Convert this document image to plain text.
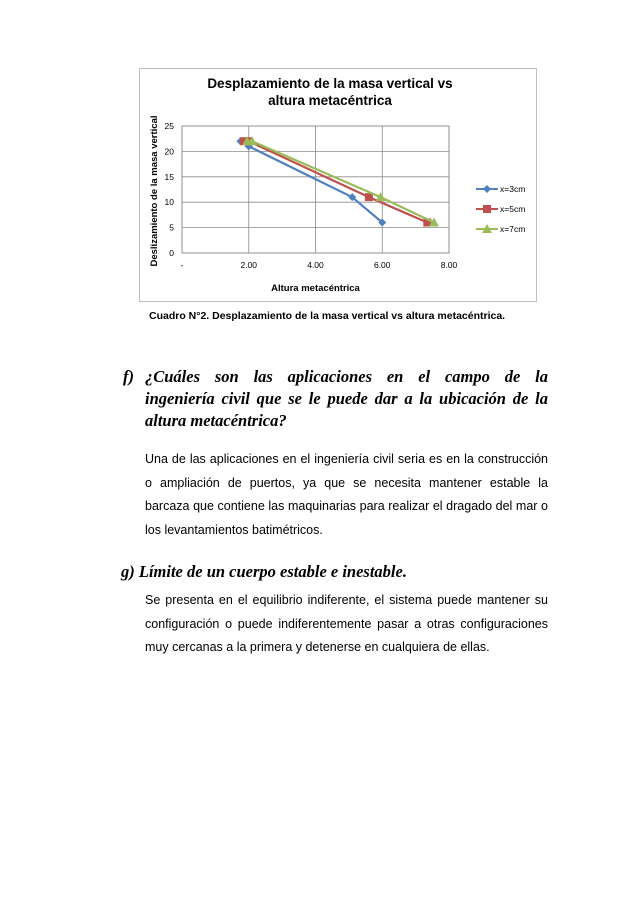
Desplazamiento de la masa vertical vs
altura metacéntrica
0
5
10
15
20
25
-	2.00	4.00	6.00	8.00
Altura metacéntrica
Deslizamiento de la masa vertical	x=3cm
x=5cm
x=7cm
Cuadro N°2. Desplazamiento de la masa vertical vs altura metacéntrica.
f) ¿Cuáles son las aplicaciones en el campo de la
ingeniería civil que se le puede dar a la ubicación de la
altura metacéntrica?
Una de las aplicaciones en el ingeniería civil seria es en la construcción o ampliación de puertos, ya que se necesita mantener estable la barcaza que contiene las maquinarias para realizar el dragado del mar o los levantamientos batimétricos.
g) Límite de un cuerpo estable e inestable.
Se presenta en el equilibrio indiferente, el sistema puede mantener su configuración o puede indiferentemente pasar a otras configuraciones muy cercanas a la primera y detenerse en cualquiera de ellas.
